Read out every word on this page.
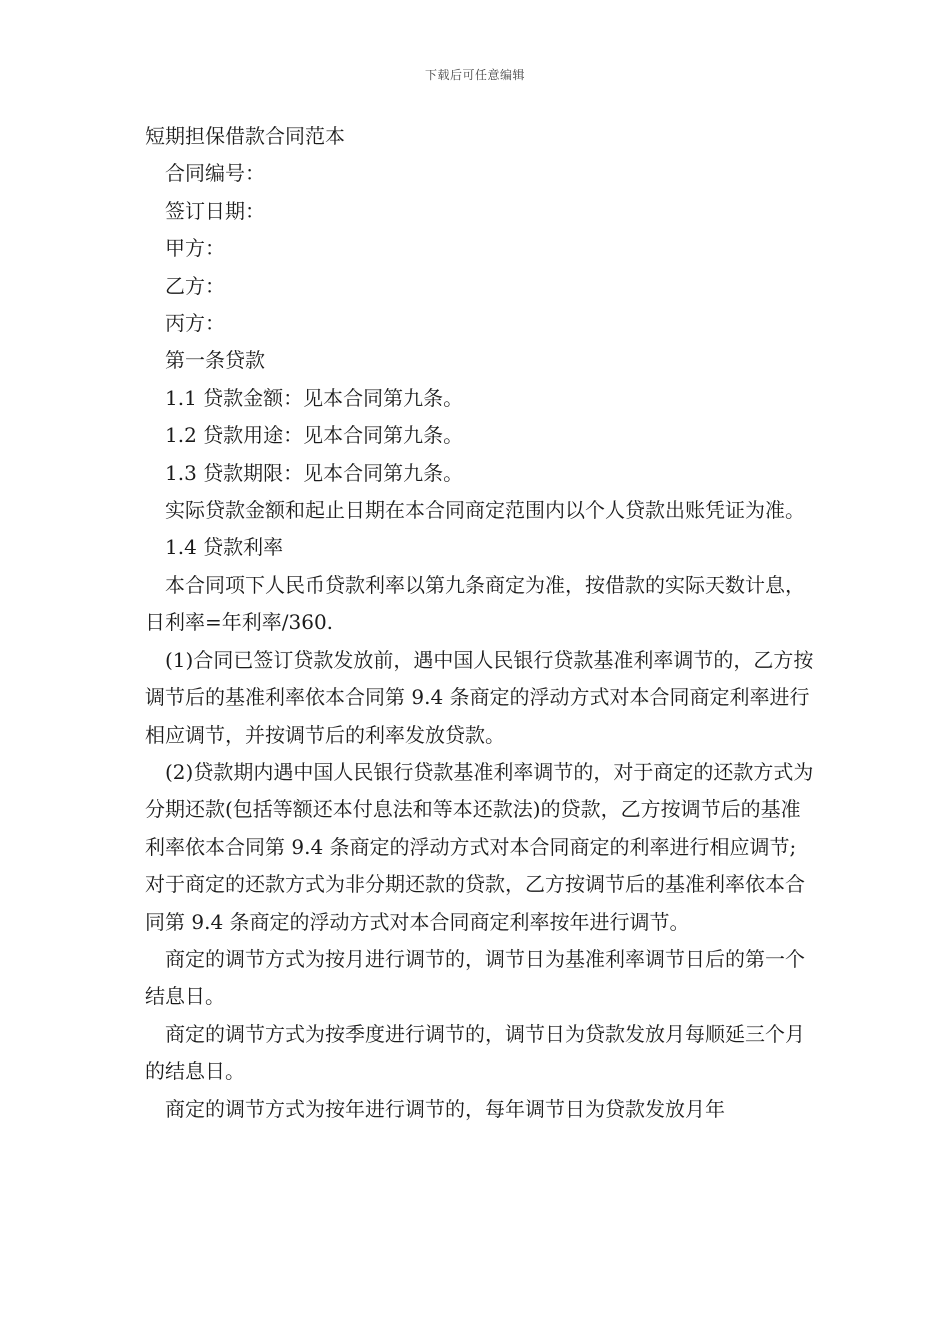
下载后可任意编辑

短期担保借款合同范本

合同编号：

签订日期：

甲方：

乙方：

丙方：

第一条贷款

1.1 贷款金额：见本合同第九条。

1.2 贷款用途：见本合同第九条。

1.3 贷款期限：见本合同第九条。

实际贷款金额和起止日期在本合同商定范围内以个人贷款出账凭证为准。

1.4 贷款利率

本合同项下人民币贷款利率以第九条商定为准，按借款的实际天数计息，日利率=年利率/360.

(1)合同已签订贷款发放前，遇中国人民银行贷款基准利率调节的，乙方按调节后的基准利率依本合同第 9.4 条商定的浮动方式对本合同商定利率进行相应调节，并按调节后的利率发放贷款。

(2)贷款期内遇中国人民银行贷款基准利率调节的，对于商定的还款方式为分期还款(包括等额还本付息法和等本还款法)的贷款，乙方按调节后的基准利率依本合同第 9.4 条商定的浮动方式对本合同商定的利率进行相应调节;对于商定的还款方式为非分期还款的贷款，乙方按调节后的基准利率依本合同第 9.4 条商定的浮动方式对本合同商定利率按年进行调节。

商定的调节方式为按月进行调节的，调节日为基准利率调节日后的第一个结息日。

商定的调节方式为按季度进行调节的，调节日为贷款发放月每顺延三个月的结息日。

商定的调节方式为按年进行调节的，每年调节日为贷款发放月年
